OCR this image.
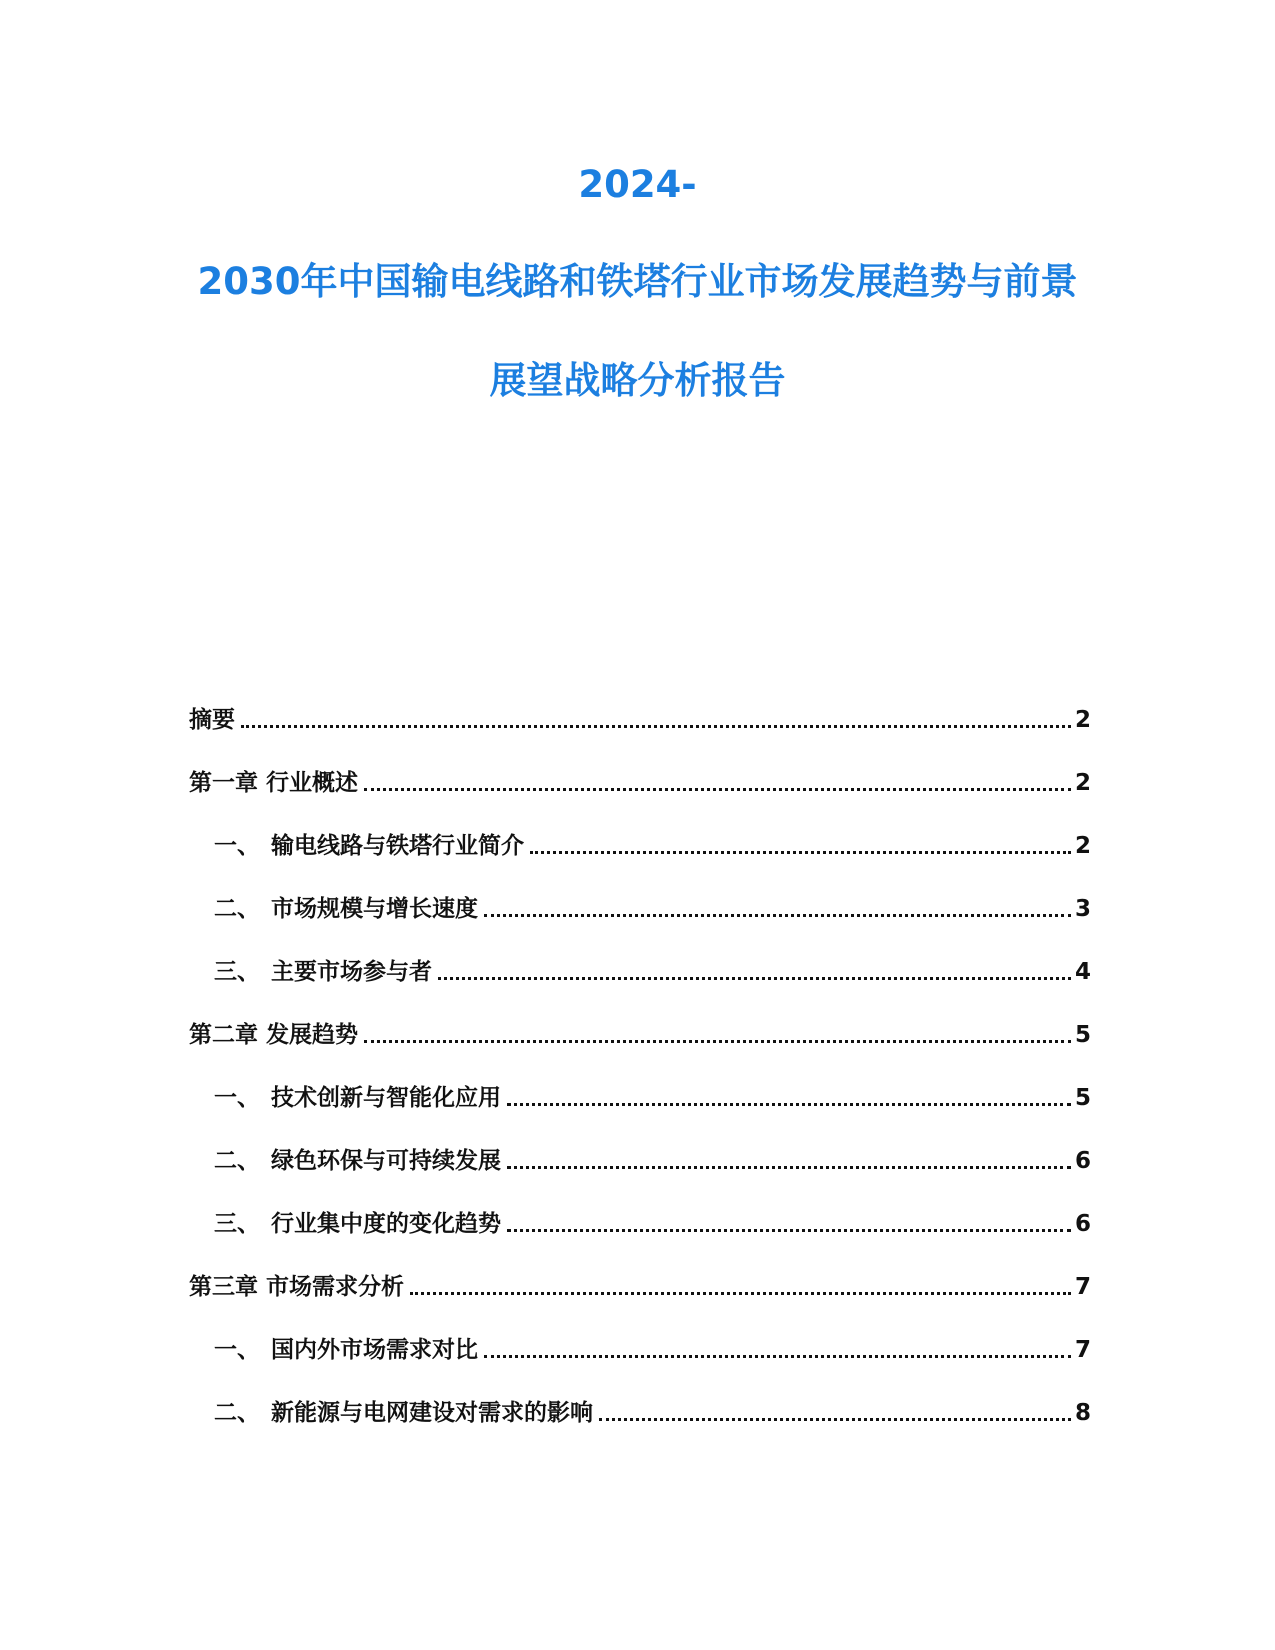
2024-
2030年中国输电线路和铁塔行业市场发展趋势与前景
展望战略分析报告
摘要	2
第一章 行业概述	2
一、 输电线路与铁塔行业简介	2
二、 市场规模与增长速度	3
三、 主要市场参与者	4
第二章 发展趋势	5
一、 技术创新与智能化应用	5
二、 绿色环保与可持续发展	6
三、 行业集中度的变化趋势	6
第三章 市场需求分析	7
一、 国内外市场需求对比	7
二、 新能源与电网建设对需求的影响	8
